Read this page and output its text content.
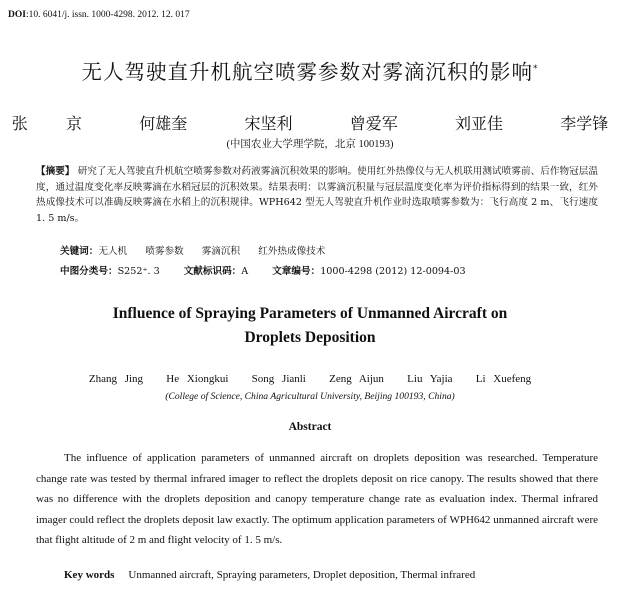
DOI:10. 6041/j. issn. 1000-4298. 2012. 12. 017
无人驾驶直升机航空喷雾参数对雾滴沉积的影响*
张  京   何雄奎   宋坚利   曾爱军   刘亚佳   李学锋
(中国农业大学理学院，北京 100193)
【摘要】 研究了无人驾驶直升机航空喷雾参数对药液雾滴沉积效果的影响。使用红外热像仪与无人机联用测试喷雾前、后作物冠层温度，通过温度变化率反映雾滴在水稻冠层的沉积效果。结果表明：以雾滴沉积量与冠层温度变化率为评价指标得到的结果一致，红外热成像技术可以准确反映雾滴在水稻上的沉积规律。WPH642 型无人驾驶直升机作业时选取喷雾参数为：飞行高度 2 m、飞行速度 1. 5 m/s。
关键词：无人机  喷雾参数  雾滴沉积  红外热成像技术
中图分类号：S252⁺. 3	文献标识码：A	文章编号：1000-4298 (2012) 12-0094-03
Influence of Spraying Parameters of Unmanned Aircraft on
Droplets Deposition
Zhang Jing   He Xiongkui   Song Jianli   Zeng Aijun   Liu Yajia   Li Xuefeng
(College of Science, China Agricultural University, Beijing 100193, China)
Abstract

The influence of application parameters of unmanned aircraft on droplets deposition was researched. Temperature change rate was tested by thermal infrared imager to reflect the droplets deposit on rice canopy. The results showed that there was no difference with the droplets deposition and canopy temperature change rate as evaluation index. Thermal infrared imager could reflect the droplets deposit law exactly. The optimum application parameters of WPH642 unmanned aircraft were that flight altitude of 2 m and flight velocity of 1. 5 m/s.

Key words Unmanned aircraft, Spraying parameters, Droplet deposition, Thermal infrared
